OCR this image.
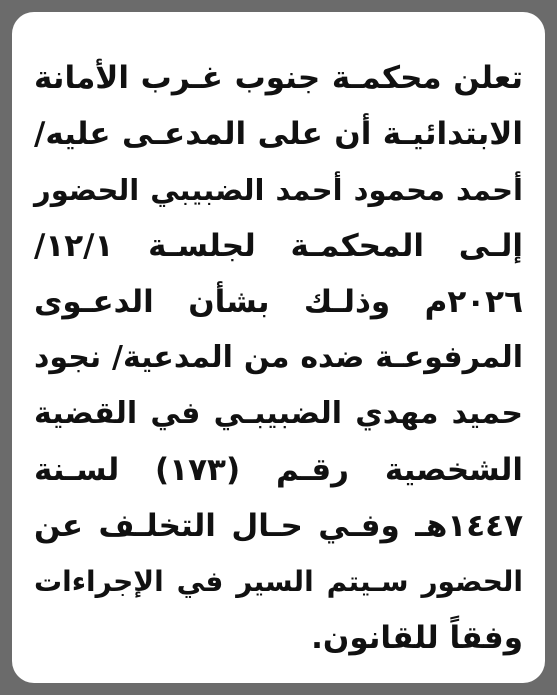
تعلن محكمـة جنوب غـرب الأمانة
الابتدائيـة أن على المدعـى عليه/
أحمد محمود أحمد الضبيبي الحضور
إلـى المحكمـة لجلسـة ١٢/١/
٢٠٢٦م وذلـك بشأن الدعـوى
المرفوعـة ضده من المدعية/ نجود
حميد مهدي الضبيبـي في القضية
الشخصية رقـم (١٧٣) لسـنة
١٤٤٧هـ وفـي حـال التخلـف عن
الحضور سـيتم السير في الإجراءات
وفقاً للقانون.
